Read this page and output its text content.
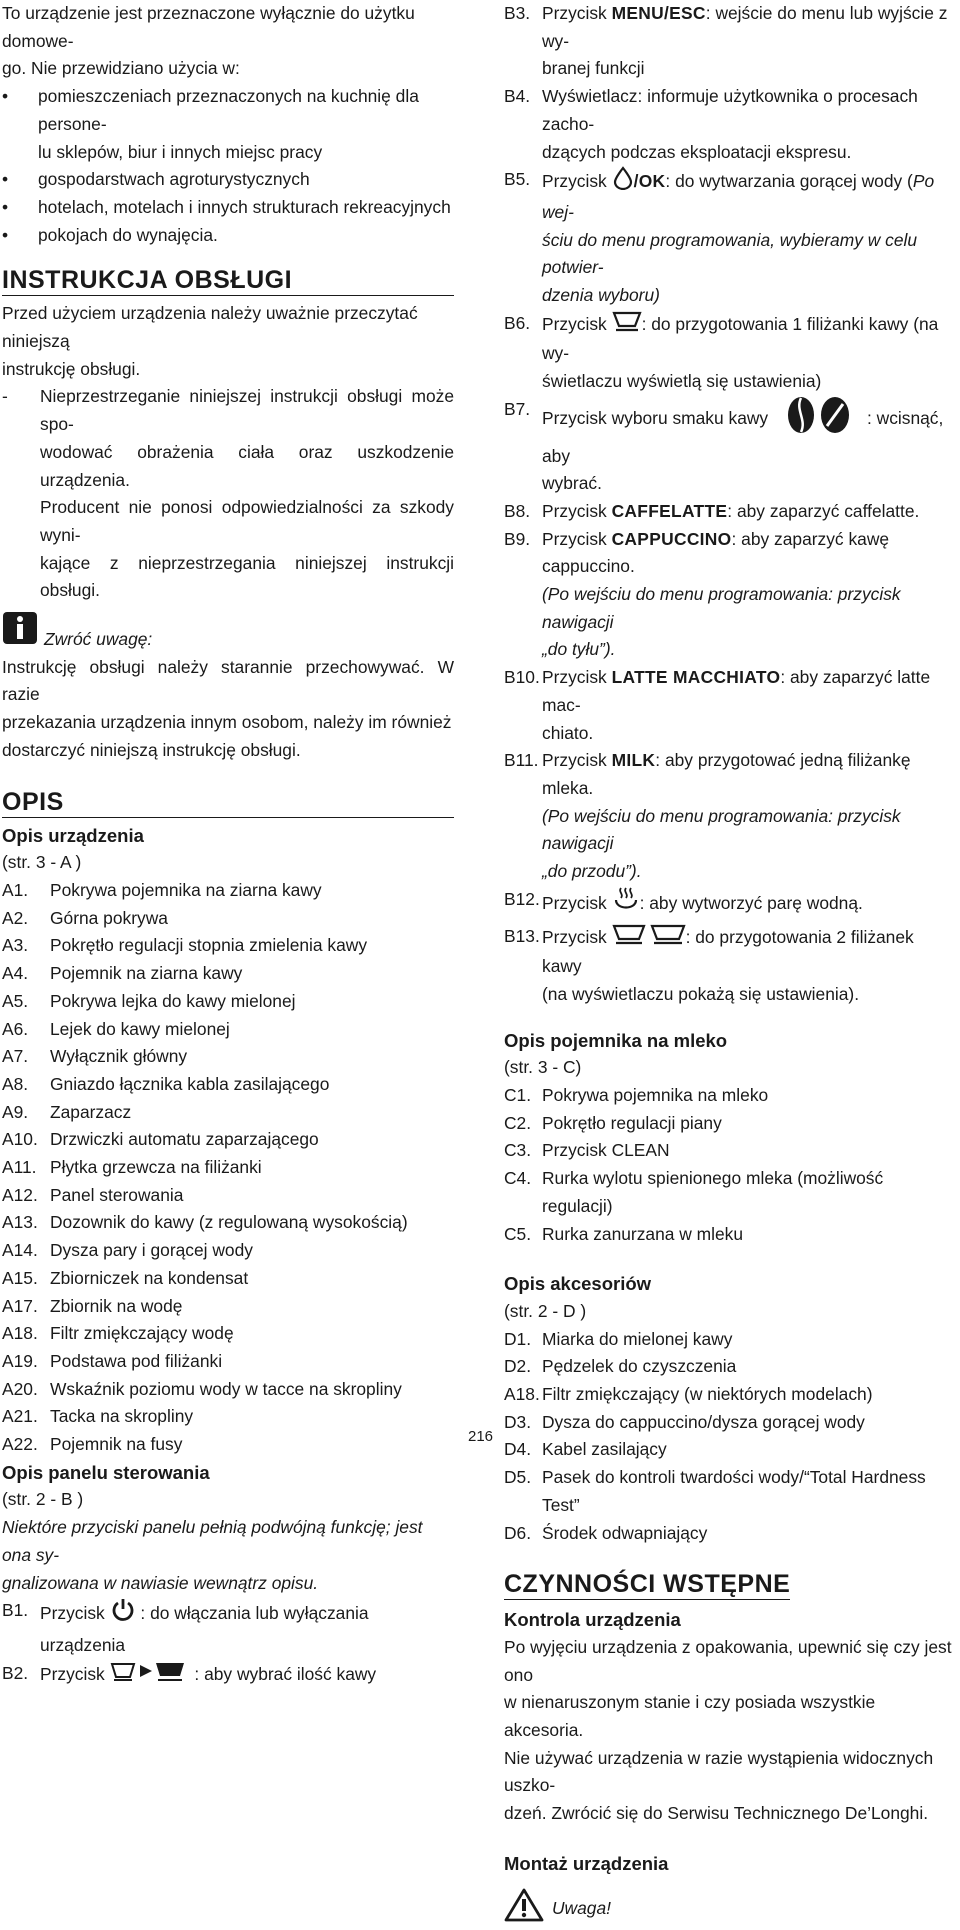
To urządzenie jest przeznaczone wyłącznie do użytku domowe-
go. Nie przewidziano użycia w:
• pomieszczeniach przeznaczonych na kuchnię dla persone-
lu sklepów, biur i innych miejsc pracy
• gospodarstwach agroturystycznych
• hotelach, motelach i innych strukturach rekreacyjnych
• pokojach do wynajęcia.
INSTRUKCJA OBSŁUGI
Przed użyciem urządzenia należy uważnie przeczytać niniejszą
instrukcję obsługi.
-	Nieprzestrzeganie niniejszej instrukcji obsługi może spo-
wodować obrażenia ciała oraz uszkodzenie urządzenia.
Producent nie ponosi odpowiedzialności za szkody wyni-
kające z nieprzestrzegania niniejszej instrukcji obsługi.
Zwróć uwagę:
Instrukcję obsługi należy starannie przechowywać. W razie
przekazania urządzenia innym osobom, należy im również
dostarczyć niniejszą instrukcję obsługi.
OPIS
Opis urządzenia
(str. 3 - A )
A1.	Pokrywa pojemnika na ziarna kawy
A2.	Górna pokrywa
A3.	Pokrętło regulacji stopnia zmielenia kawy
A4.	Pojemnik na ziarna kawy
A5.	Pokrywa lejka do kawy mielonej
A6.	Lejek do kawy mielonej
A7.	Wyłącznik główny
A8.	Gniazdo łącznika kabla zasilającego
A9.	Zaparzacz
A10. Drzwiczki automatu zaparzającego
A11. Płytka grzewcza na filiżanki
A12. Panel sterowania
A13. Dozownik do kawy (z regulowaną wysokością)
A14. Dysza pary i gorącej wody
A15. Zbiorniczek na kondensat
A17. Zbiornik na wodę
A18. Filtr zmiękczający wodę
A19. Podstawa pod filiżanki
A20. Wskaźnik poziomu wody w tacce na skropliny
A21. Tacka na skropliny
A22. Pojemnik na fusy
Opis panelu sterowania
(str. 2 - B )
Niektóre przyciski panelu pełnią podwójną funkcję; jest ona sy-
gnalizowana w nawiasie wewnątrz opisu.
B1. Przycisk : do włączania lub wyłączania urządzenia
B2. Przycisk	: aby wybrać ilość kawy
216
B3. Przycisk MENU/ESC: wejście do menu lub wyjście z wy-
branej funkcji
B4. Wyświetlacz: informuje użytkownika o procesach zacho-
dzących podczas eksploatacji ekspresu.
B5. Przycisk /OK: do wytwarzania gorącej wody (Po wej-
ściu do menu programowania, wybieramy w celu potwier-
dzenia wyboru)
B6. Przycisk : do przygotowania 1 filiżanki kawy (na wy-
świetlaczu wyświetlą się ustawienia)
B7. Przycisk wyboru smaku kawy	: wcisnąć, aby
wybrać.
B8. Przycisk CAFFELATTE: aby zaparzyć caffelatte.
B9. Przycisk CAPPUCCINO: aby zaparzyć kawę cappuccino.
(Po wejściu do menu programowania: przycisk nawigacji
„do tyłu”).
B10. Przycisk LATTE MACCHIATO: aby zaparzyć latte mac-
chiato.
B11. Przycisk MILK: aby przygotować jedną filiżankę mleka.
(Po wejściu do menu programowania: przycisk nawigacji
„do przodu”).
B12. Przycisk : aby wytworzyć parę wodną.
B13. Przycisk	: do przygotowania 2 filiżanek kawy
(na wyświetlaczu pokażą się ustawienia).
Opis pojemnika na mleko
(str. 3 - C)
C1. Pokrywa pojemnika na mleko
C2. Pokrętło regulacji piany
C3. Przycisk CLEAN
C4. Rurka wylotu spienionego mleka (możliwość regulacji)
C5. Rurka zanurzana w mleku
Opis akcesoriów
(str. 2 - D )
D1. Miarka do mielonej kawy
D2. Pędzelek do czyszczenia
A18. Filtr zmiękczający (w niektórych modelach)
D3. Dysza do cappuccino/dysza gorącej wody
D4. Kabel zasilający
D5. Pasek do kontroli twardości wody/“Total Hardness Test”
D6. Środek odwapniający
CZYNNOŚCI WSTĘPNE
Kontrola urządzenia
Po wyjęciu urządzenia z opakowania, upewnić się czy jest ono
w nienaruszonym stanie i czy posiada wszystkie akcesoria.
Nie używać urządzenia w razie wystąpienia widocznych uszko-
dzeń. Zwrócić się do Serwisu Technicznego De’Longhi.
Montaż urządzenia
Uwaga!
